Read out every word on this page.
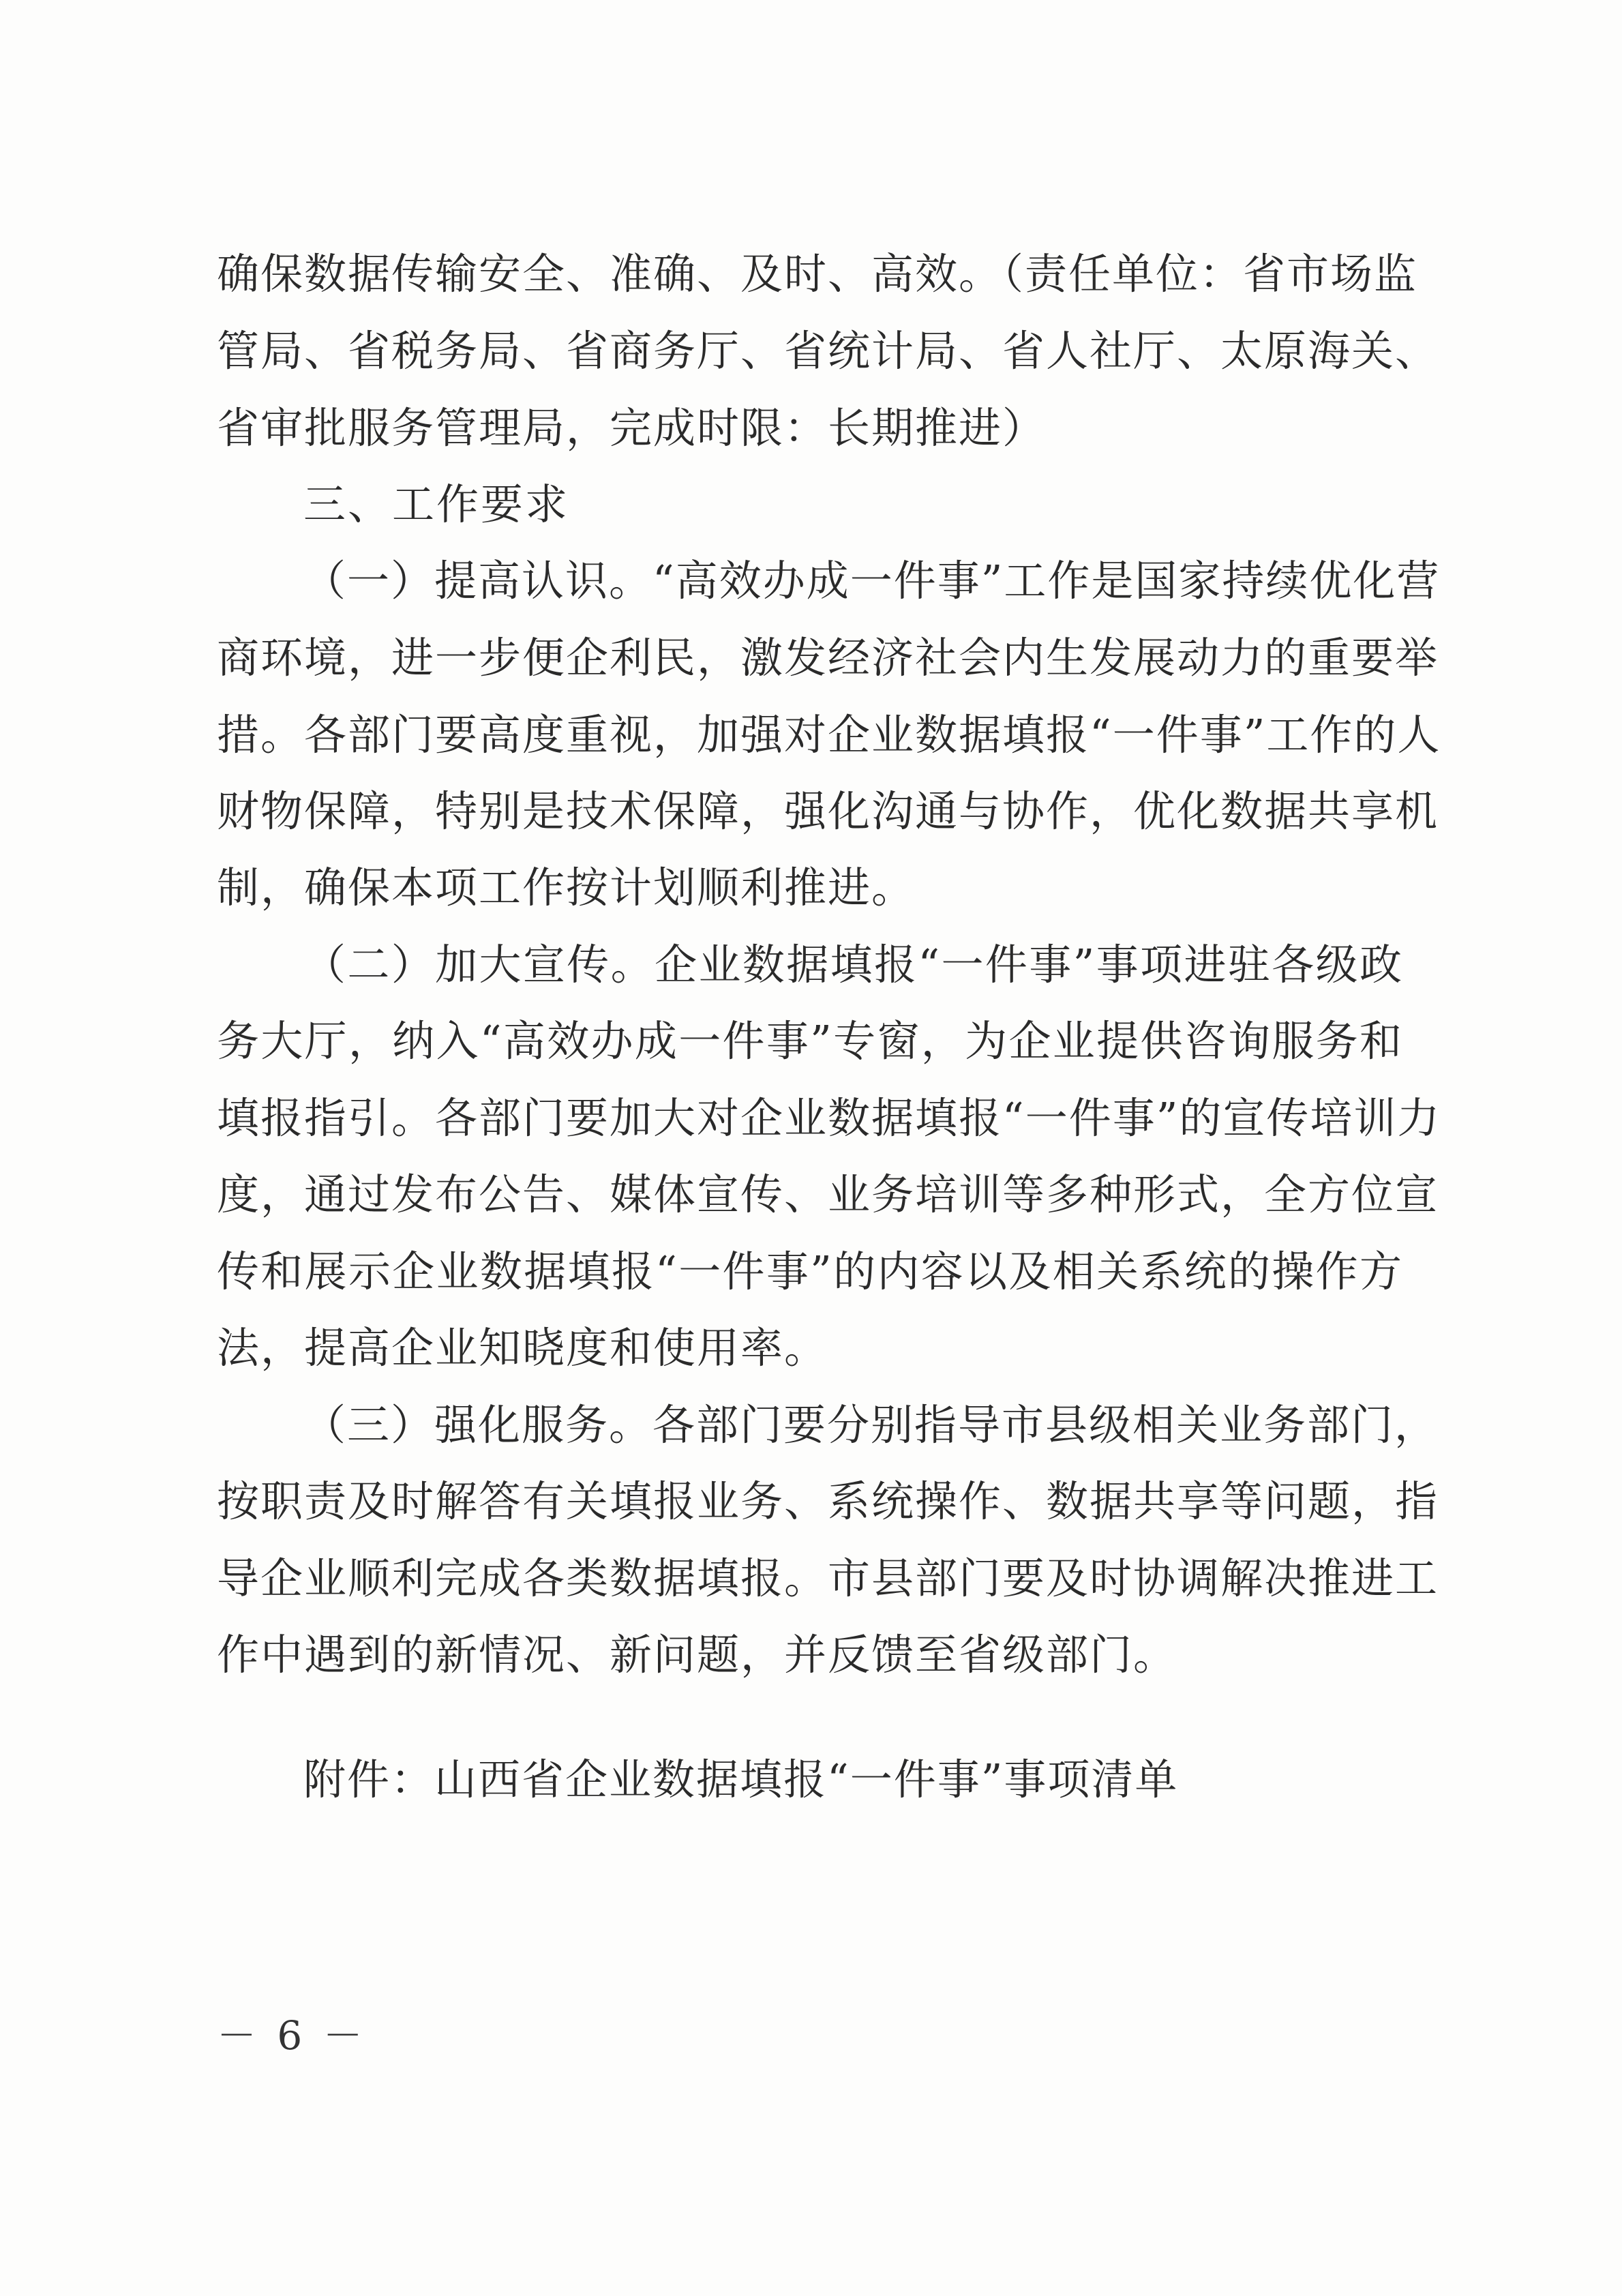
确保数据传输安全、准确、及时、高效。（责任单位：省市场监
管局、省税务局、省商务厅、省统计局、省人社厅、太原海关、
省审批服务管理局，完成时限：长期推进）
三、工作要求
（一）提高认识。“高效办成一件事”工作是国家持续优化营
商环境，进一步便企利民，激发经济社会内生发展动力的重要举
措。各部门要高度重视，加强对企业数据填报“一件事”工作的人
财物保障，特别是技术保障，强化沟通与协作，优化数据共享机
制，确保本项工作按计划顺利推进。
（二）加大宣传。企业数据填报“一件事”事项进驻各级政
务大厅，纳入“高效办成一件事”专窗，为企业提供咨询服务和
填报指引。各部门要加大对企业数据填报“一件事”的宣传培训力
度，通过发布公告、媒体宣传、业务培训等多种形式，全方位宣
传和展示企业数据填报“一件事”的内容以及相关系统的操作方
法，提高企业知晓度和使用率。
（三）强化服务。各部门要分别指导市县级相关业务部门，
按职责及时解答有关填报业务、系统操作、数据共享等问题，指
导企业顺利完成各类数据填报。市县部门要及时协调解决推进工
作中遇到的新情况、新问题，并反馈至省级部门。
附件：山西省企业数据填报“一件事”事项清单
－ 6 －
